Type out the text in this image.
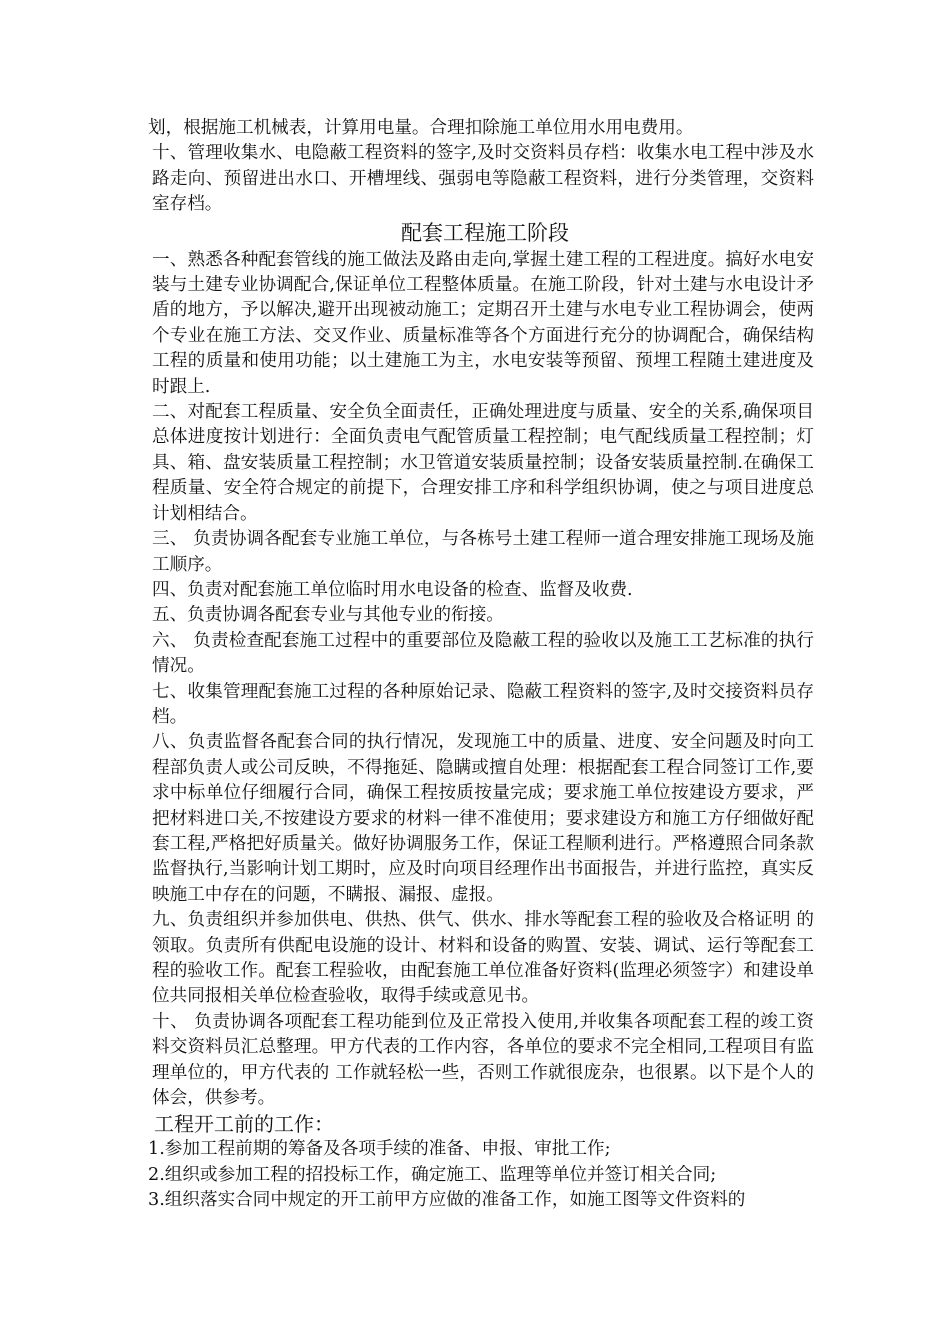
划，根据施工机械表，计算用电量。合理扣除施工单位用水用电费用。

十、管理收集水、电隐蔽工程资料的签字,及时交资料员存档：收集水电工程中涉及水路走向、预留进出水口、开槽埋线、强弱电等隐蔽工程资料，进行分类管理，交资料室存档。

配套工程施工阶段

一、熟悉各种配套管线的施工做法及路由走向,掌握土建工程的工程进度。搞好水电安装与土建专业协调配合,保证单位工程整体质量。在施工阶段，针对土建与水电设计矛盾的地方，予以解决,避开出现被动施工；定期召开土建与水电专业工程协调会，使两个专业在施工方法、交叉作业、质量标准等各个方面进行充分的协调配合，确保结构工程的质量和使用功能；以土建施工为主，水电安装等预留、预埋工程随土建进度及时跟上.

二、对配套工程质量、安全负全面责任，正确处理进度与质量、安全的关系,确保项目总体进度按计划进行：全面负责电气配管质量工程控制；电气配线质量工程控制；灯具、箱、盘安装质量工程控制；水卫管道安装质量控制；设备安装质量控制.在确保工程质量、安全符合规定的前提下，合理安排工序和科学组织协调，使之与项目进度总计划相结合。

三、 负责协调各配套专业施工单位，与各栋号土建工程师一道合理安排施工现场及施工顺序。

四、负责对配套施工单位临时用水电设备的检查、监督及收费.

五、负责协调各配套专业与其他专业的衔接。

六、 负责检查配套施工过程中的重要部位及隐蔽工程的验收以及施工工艺标准的执行情况。

七、收集管理配套施工过程的各种原始记录、隐蔽工程资料的签字,及时交接资料员存档。

八、负责监督各配套合同的执行情况，发现施工中的质量、进度、安全问题及时向工程部负责人或公司反映，不得拖延、隐瞒或擅自处理：根据配套工程合同签订工作,要求中标单位仔细履行合同，确保工程按质按量完成；要求施工单位按建设方要求，严把材料进口关,不按建设方要求的材料一律不准使用；要求建设方和施工方仔细做好配 套工程,严格把好质量关。做好协调服务工作，保证工程顺利进行。严格遵照合同条款 监督执行,当影响计划工期时，应及时向项目经理作出书面报告，并进行监控，真实反 映施工中存在的问题，不瞒报、漏报、虚报。

九、负责组织并参加供电、供热、供气、供水、排水等配套工程的验收及合格证明 的领取。负责所有供配电设施的设计、材料和设备的购置、安装、调试、运行等配套工程的验收工作。配套工程验收，由配套施工单位准备好资料(监理必须签字）和建设单位共同报相关单位检查验收，取得手续或意见书。

十、 负责协调各项配套工程功能到位及正常投入使用,并收集各项配套工程的竣工资料交资料员汇总整理。甲方代表的工作内容，各单位的要求不完全相同,工程项目有监理单位的，甲方代表的 工作就轻松一些，否则工作就很庞杂，也很累。以下是个人的体会，供参考。

工程开工前的工作：

1.参加工程前期的筹备及各项手续的准备、申报、审批工作;

2.组织或参加工程的招投标工作，确定施工、监理等单位并签订相关合同;

3.组织落实合同中规定的开工前甲方应做的准备工作，如施工图等文件资料的
